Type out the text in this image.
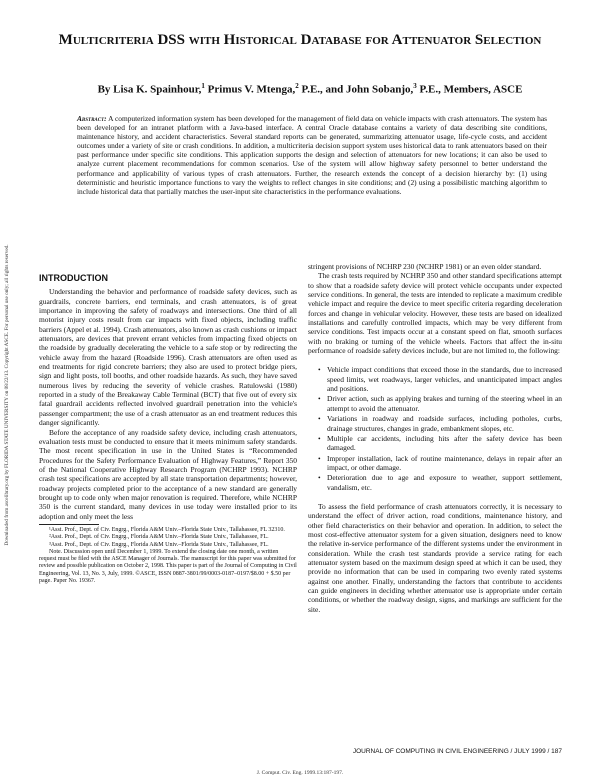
Multicriteria DSS with Historical Database for Attenuator Selection
By Lisa K. Spainhour,$^1$ Primus V. Mtenga,$^2$ P.E., and John Sobanjo,$^3$ P.E., Members, ASCE
Abstract: A computerized information system has been developed for the management of field data on vehicle impacts with crash attenuators. The system has been developed for an intranet platform with a Java-based interface. A central Oracle database contains a variety of data describing site conditions, maintenance history, and accident characteristics. Several standard reports can be generated, summarizing attenuator usage, life-cycle costs, and accident outcomes under a variety of site or crash conditions. In addition, a multicriteria decision support system uses historical data to rank attenuators based on their past performance under specific site conditions. This application supports the design and selection of attenuators for new locations; it can also be used to analyze current placement recommendations for common scenarios. Use of the system will allow highway safety personnel to better understand the performance and applicability of various types of crash attenuators. Further, the research extends the concept of a decision hierarchy by: (1) using deterministic and heuristic importance functions to vary the weights to reflect changes in site conditions; and (2) using a possibilistic matching algorithm to include historical data that partially matches the user-input site characteristics in the performance evaluations.
Downloaded from ascelibrary.org by FLORIDA STATE UNIVERSITY on 08/22/13. Copyright ASCE. For personal use only; all rights reserved.	INTRODUCTION

Understanding the behavior and performance of roadside safety devices, such as guardrails, concrete barriers, end terminals, and crash attenuators, is of great importance in improving the safety of roadways and intersections. One third of all motorist injury costs result from car impacts with fixed objects, including traffic barriers (Appel et al. 1994). Crash attenuators, also known as crash cushions or impact attenuators, are devices that prevent errant vehicles from impacting fixed objects on the roadside by gradually decelerating the vehicle to a safe stop or by redirecting the vehicle away from the hazard (Roadside 1996). Crash attenuators are often used as end treatments for rigid concrete barriers; they also are used to protect bridge piers, sign and light posts, toll booths, and other roadside hazards. As such, they have saved numerous lives by reducing the severity of vehicle crashes. Ratulowski (1980) reported in a study of the Breakaway Cable Terminal (BCT) that five out of every six fatal guardrail accidents reflected involved guardrail penetration into the vehicle's passenger compartment; the use of a crash attenuator as an end treatment reduces this danger significantly.

Before the acceptance of any roadside safety device, including crash attenuators, evaluation tests must be conducted to ensure that it meets minimum safety standards. The most recent specification in use in the United States is “Recommended Procedures for the Safety Performance Evaluation of Highway Features,” Report 350 of the National Cooperative Highway Research Program (NCHRP 1993). NCHRP crash test specifications are accepted by all state transportation departments; however, roadway projects completed prior to the acceptance of a new standard are generally brought up to code only when major renovation is required. Therefore, while NCHRP 350 is the current standard, many devices in use today were installed prior to its adoption and only meet the less

¹Asst. Prof., Dept. of Civ. Engrg., Florida A&M Univ.–Florida State Univ., Tallahassee, FL 32310.

²Asst. Prof., Dept. of Civ. Engrg., Florida A&M Univ.–Florida State Univ., Tallahassee, FL.

³Asst. Prof., Dept. of Civ. Engrg., Florida A&M Univ.–Florida State Univ., Tallahassee, FL.

Note. Discussion open until December 1, 1999. To extend the closing date one month, a written request must be filed with the ASCE Manager of Journals. The manuscript for this paper was submitted for review and possible publication on October 2, 1998. This paper is part of the Journal of Computing in Civil Engineering, Vol. 13, No. 3, July, 1999. ©ASCE, ISSN 0887-3801/99/0003-0187–0197/$8.00 + $.50 per page. Paper No. 19367.

stringent provisions of NCHRP 230 (NCHRP 1981) or an even older standard.

The crash tests required by NCHRP 350 and other standard specifications attempt to show that a roadside safety device will protect vehicle occupants under expected service conditions. In general, the tests are intended to replicate a maximum credible vehicle impact and require the device to meet specific criteria regarding deceleration forces and change in vehicular velocity. However, these tests are based on idealized installations and carefully controlled impacts, which may be very different from service conditions. Test impacts occur at a constant speed on flat, smooth surfaces with no braking or turning of the vehicle wheels. Factors that affect the in-situ performance of roadside safety devices include, but are not limited to, the following:

• Vehicle impact conditions that exceed those in the standards, due to increased speed limits, wet roadways, larger vehicles, and unanticipated impact angles and positions.
• Driver action, such as applying brakes and turning of the steering wheel in an attempt to avoid the attenuator.
• Variations in roadway and roadside surfaces, including potholes, curbs, drainage structures, changes in grade, embankment slopes, etc.
• Multiple car accidents, including hits after the safety device has been damaged.
• Improper installation, lack of routine maintenance, delays in repair after an impact, or other damage.
• Deterioration due to age and exposure to weather, support settlement, vandalism, etc.

To assess the field performance of crash attenuators correctly, it is necessary to understand the effect of driver action, road conditions, maintenance history, and other field characteristics on their behavior and operation. In addition, to select the most cost-effective attenuator system for a given situation, designers need to know the relative in-service performance of the different systems under the environment in consideration. While the crash test standards provide a service rating for each attenuator system based on the maximum design speed at which it can be used, they provide no information that can be used in comparing two evenly rated systems against one another. Finally, understanding the factors that contribute to accidents can guide engineers in deciding whether attenuator use is appropriate under certain conditions, or whether the roadway design, signs, and markings are sufficient for the site.

JOURNAL OF COMPUTING IN CIVIL ENGINEERING / JULY 1999 / 187
J. Comput. Civ. Eng. 1999.13:187-197.
